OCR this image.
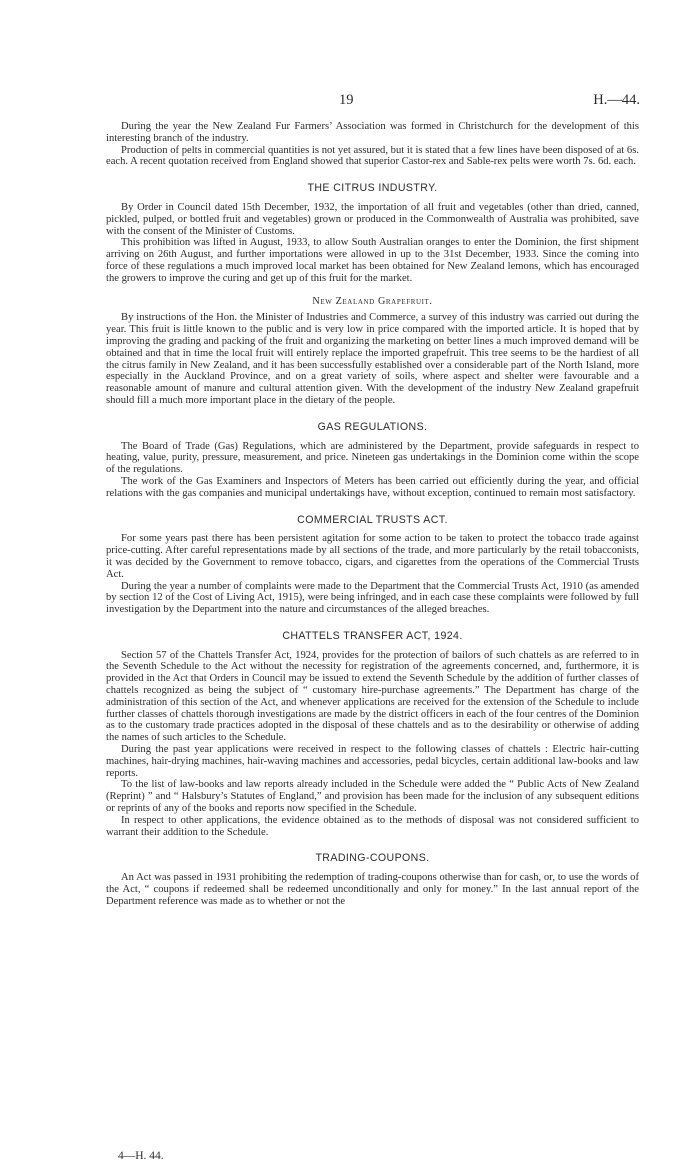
19	H.—44.

During the year the New Zealand Fur Farmers’ Association was formed in Christchurch for the development of this interesting branch of the industry.

Production of pelts in commercial quantities is not yet assured, but it is stated that a few lines have been disposed of at 6s. each. A recent quotation received from England showed that superior Castor-rex and Sable-rex pelts were worth 7s. 6d. each.

THE CITRUS INDUSTRY.

By Order in Council dated 15th December, 1932, the importation of all fruit and vegetables (other than dried, canned, pickled, pulped, or bottled fruit and vegetables) grown or produced in the Commonwealth of Australia was prohibited, save with the consent of the Minister of Customs.

This prohibition was lifted in August, 1933, to allow South Australian oranges to enter the Dominion, the first shipment arriving on 26th August, and further importations were allowed in up to the 31st December, 1933. Since the coming into force of these regulations a much improved local market has been obtained for New Zealand lemons, which has encouraged the growers to improve the curing and get up of this fruit for the market.

New Zealand Grapefruit.

By instructions of the Hon. the Minister of Industries and Commerce, a survey of this industry was carried out during the year. This fruit is little known to the public and is very low in price compared with the imported article. It is hoped that by improving the grading and packing of the fruit and organizing the marketing on better lines a much improved demand will be obtained and that in time the local fruit will entirely replace the imported grapefruit. This tree seems to be the hardiest of all the citrus family in New Zealand, and it has been successfully established over a considerable part of the North Island, more especially in the Auckland Province, and on a great variety of soils, where aspect and shelter were favourable and a reasonable amount of manure and cultural attention given. With the development of the industry New Zealand grapefruit should fill a much more important place in the dietary of the people.

GAS REGULATIONS.

The Board of Trade (Gas) Regulations, which are administered by the Department, provide safeguards in respect to heating, value, purity, pressure, measurement, and price. Nineteen gas undertakings in the Dominion come within the scope of the regulations.

The work of the Gas Examiners and Inspectors of Meters has been carried out efficiently during the year, and official relations with the gas companies and municipal undertakings have, without exception, continued to remain most satisfactory.

COMMERCIAL TRUSTS ACT.

For some years past there has been persistent agitation for some action to be taken to protect the tobacco trade against price-cutting. After careful representations made by all sections of the trade, and more particularly by the retail tobacconists, it was decided by the Government to remove tobacco, cigars, and cigarettes from the operations of the Commercial Trusts Act.

During the year a number of complaints were made to the Department that the Commercial Trusts Act, 1910 (as amended by section 12 of the Cost of Living Act, 1915), were being infringed, and in each case these complaints were followed by full investigation by the Department into the nature and circumstances of the alleged breaches.

CHATTELS TRANSFER ACT, 1924.

Section 57 of the Chattels Transfer Act, 1924, provides for the protection of bailors of such chattels as are referred to in the Seventh Schedule to the Act without the necessity for registration of the agreements concerned, and, furthermore, it is provided in the Act that Orders in Council may be issued to extend the Seventh Schedule by the addition of further classes of chattels recognized as being the subject of “ customary hire-purchase agreements.” The Department has charge of the administration of this section of the Act, and whenever applications are received for the extension of the Schedule to include further classes of chattels thorough investigations are made by the district officers in each of the four centres of the Dominion as to the customary trade practices adopted in the disposal of these chattels and as to the desirability or otherwise of adding the names of such articles to the Schedule.

During the past year applications were received in respect to the following classes of chattels : Electric hair-cutting machines, hair-drying machines, hair-waving machines and accessories, pedal bicycles, certain additional law-books and law reports.

To the list of law-books and law reports already included in the Schedule were added the “ Public Acts of New Zealand (Reprint) ” and “ Halsbury’s Statutes of England,” and provision has been made for the inclusion of any subsequent editions or reprints of any of the books and reports now specified in the Schedule.

In respect to other applications, the evidence obtained as to the methods of disposal was not considered sufficient to warrant their addition to the Schedule.

TRADING-COUPONS.

An Act was passed in 1931 prohibiting the redemption of trading-coupons otherwise than for cash, or, to use the words of the Act, “ coupons if redeemed shall be redeemed unconditionally and only for money.” In the last annual report of the Department reference was made as to whether or not the

4—H. 44.
